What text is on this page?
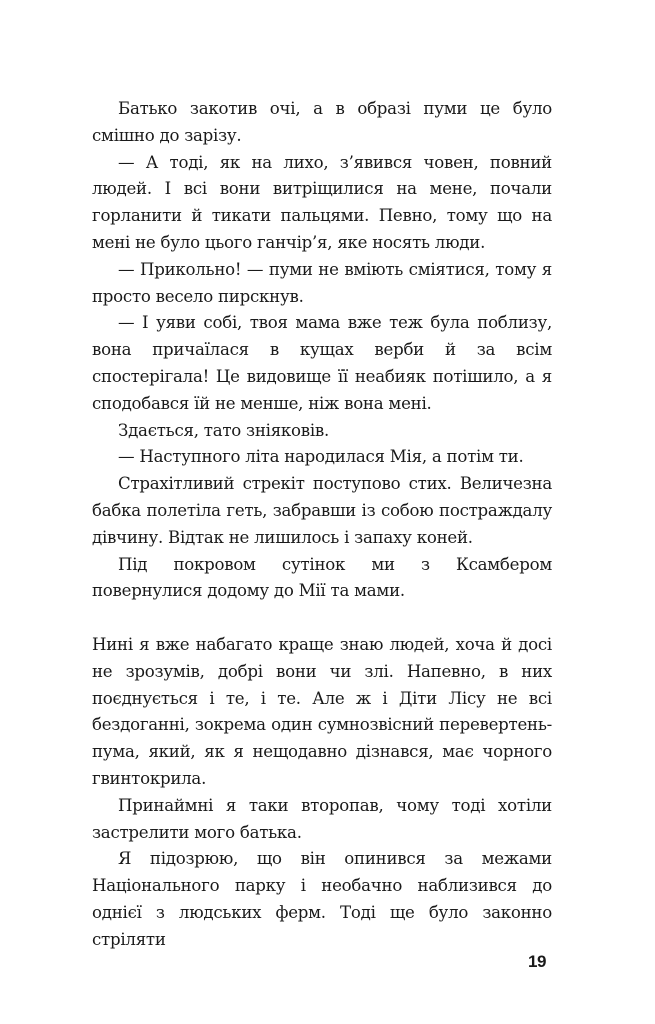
Батько закотив очі, а в образі пуми це було смішно до зарізу.

— А тоді, як на лихо, з’явився човен, повний людей. І всі вони витріщилися на мене, почали горланити й тикати пальцями. Певно, тому що на мені не було цього ганчір’я, яке носять люди.

— Прикольно! — пуми не вміють сміятися, тому я просто весело пирскнув.

— І уяви собі, твоя мама вже теж була поблизу, вона причаїлася в кущах верби й за всім спостерігала! Це видовище її неабияк потішило, а я сподобався їй не менше, ніж вона мені.

Здається, тато зніяковів.

— Наступного літа народилася Мія, а потім ти.

Страхітливий стрекіт поступово стих. Величезна бабка полетіла геть, забравши із собою постраждалу дівчину. Відтак не лишилось і запаху коней.

Під покровом сутінок ми з Ксамбером повернулися додому до Мії та мами.

Нині я вже набагато краще знаю людей, хоча й досі не зрозумів, добрі вони чи злі. Напевно, в них поєднується і те, і те. Але ж і Діти Лісу не всі бездоганні, зокрема один сумнозвісний перевертень-пума, який, як я нещодавно дізнався, має чорного гвинтокрила.

Принаймні я таки второпав, чому тоді хотіли застрелити мого батька.

Я підозрюю, що він опинився за межами Національного парку і необачно наблизився до однієї з людських ферм. Тоді ще було законно стріляти

19
